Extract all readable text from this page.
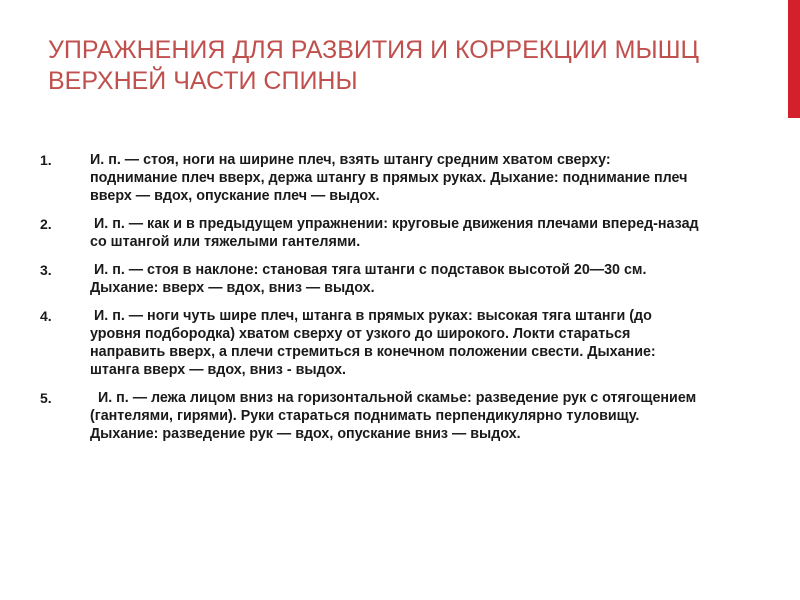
УПРАЖНЕНИЯ ДЛЯ РАЗВИТИЯ И КОРРЕКЦИИ МЫШЦ ВЕРХНЕЙ ЧАСТИ СПИНЫ
1.	И. п. — стоя, ноги на ширине плеч, взять штангу средним хватом сверху: поднимание плеч вверх, держа штангу в прямых руках. Дыхание: поднимание плеч вверх — вдох, опускание плеч — выдох.
2.	И. п. — как и в предыдущем упражнении: круговые движения плечами вперед-назад со штангой или тяжелыми гантелями.
3.	И. п. — стоя в наклоне: становая тяга штанги с подставок высотой 20—30 см. Дыхание: вверх — вдох, вниз — выдох.
4.	И. п. — ноги чуть шире плеч, штанга в прямых руках: высокая тяга штанги (до уровня подбородка) хватом сверху от узкого до широкого. Локти стараться направить вверх, а плечи стремиться в конечном положении свести. Дыхание: штанга вверх — вдох, вниз - выдох.
5.	И. п. — лежа лицом вниз на горизонтальной скамье: разведение рук с отягощением (гантелями, гирями). Руки стараться поднимать перпендикулярно туловищу. Дыхание: разведение рук — вдох, опускание вниз — выдох.
